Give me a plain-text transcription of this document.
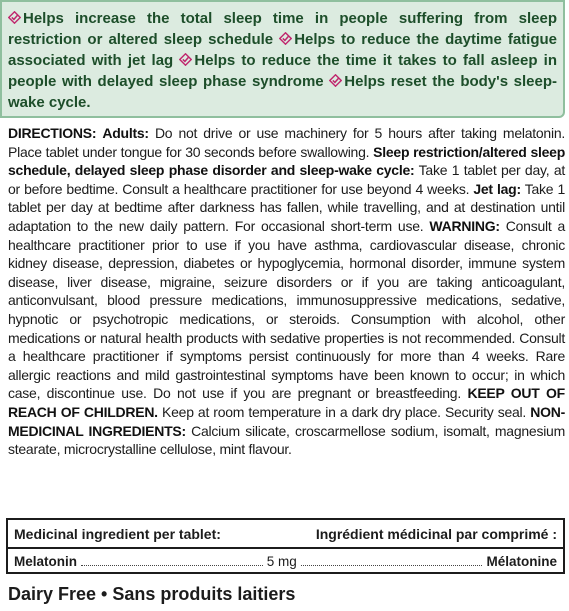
Helps increase the total sleep time in people suffering from sleep restriction or altered sleep schedule Helps to reduce the daytime fatigue associated with jet lag Helps to reduce the time it takes to fall asleep in people with delayed sleep phase syndrome Helps reset the body's sleep-wake cycle.
DIRECTIONS: Adults: Do not drive or use machinery for 5 hours after taking melatonin. Place tablet under tongue for 30 seconds before swallowing. Sleep restriction/altered sleep schedule, delayed sleep phase disorder and sleep-wake cycle: Take 1 tablet per day, at or before bedtime. Consult a healthcare practitioner for use beyond 4 weeks. Jet lag: Take 1 tablet per day at bedtime after darkness has fallen, while travelling, and at destination until adaptation to the new daily pattern. For occasional short-term use. WARNING: Consult a healthcare practitioner prior to use if you have asthma, cardiovascular disease, chronic kidney disease, depression, diabetes or hypoglycemia, hormonal disorder, immune system disease, liver disease, migraine, seizure disorders or if you are taking anticoagulant, anticonvulsant, blood pressure medications, immunosuppressive medications, sedative, hypnotic or psychotropic medications, or steroids. Consumption with alcohol, other medications or natural health products with sedative properties is not recommended. Consult a healthcare practitioner if symptoms persist continuously for more than 4 weeks. Rare allergic reactions and mild gastrointestinal symptoms have been known to occur; in which case, discontinue use. Do not use if you are pregnant or breastfeeding. KEEP OUT OF REACH OF CHILDREN. Keep at room temperature in a dark dry place. Security seal. NON-MEDICINAL INGREDIENTS: Calcium silicate, croscarmellose sodium, isomalt, magnesium stearate, microcrystalline cellulose, mint flavour.
Medicinal ingredient per tablet:	Ingrédient médicinal par comprimé :
Melatonin	5 mg	Mélatonine
Dairy Free • Sans produits laitiers
